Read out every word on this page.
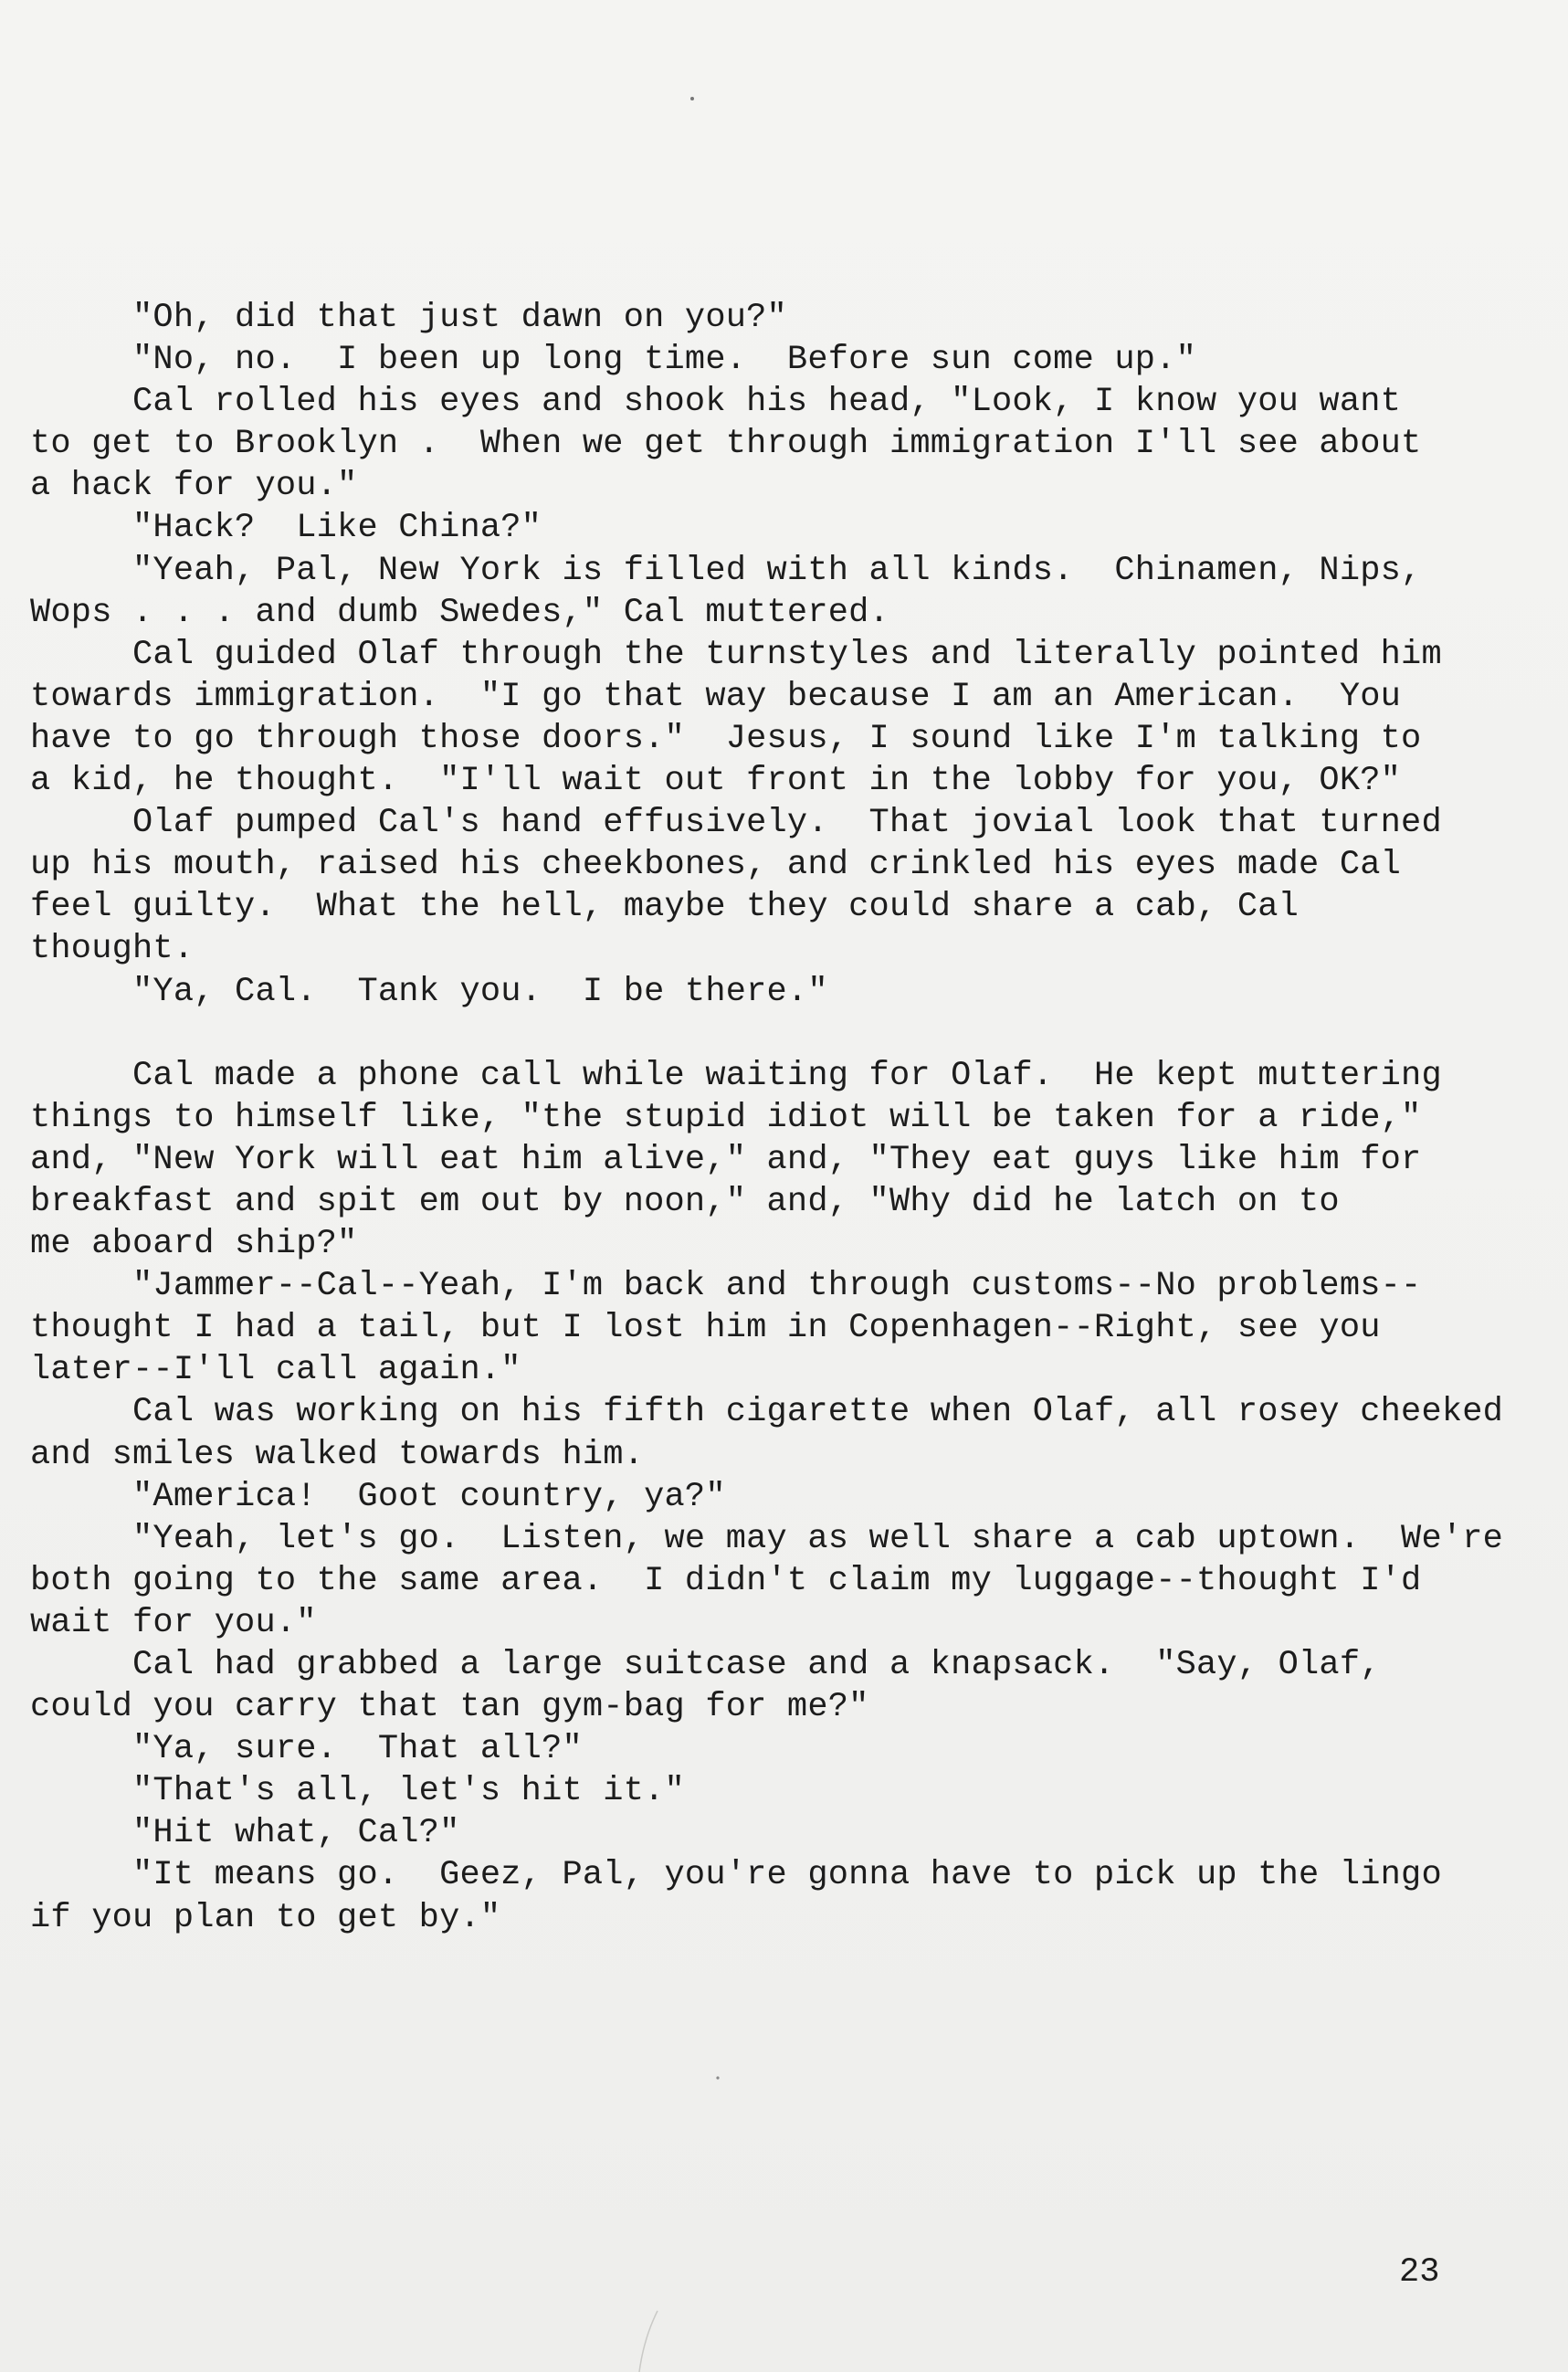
"Oh, did that just dawn on you?"
"No, no.  I been up long time.  Before sun come up."
Cal rolled his eyes and shook his head, "Look, I know you want
to get to Brooklyn .  When we get through immigration I'll see about
a hack for you."
"Hack?  Like China?"
"Yeah, Pal, New York is filled with all kinds.  Chinamen, Nips,
Wops . . . and dumb Swedes," Cal muttered.
Cal guided Olaf through the turnstyles and literally pointed him
towards immigration.  "I go that way because I am an American.  You
have to go through those doors."  Jesus, I sound like I'm talking to
a kid, he thought.  "I'll wait out front in the lobby for you, OK?"
Olaf pumped Cal's hand effusively.  That jovial look that turned
up his mouth, raised his cheekbones, and crinkled his eyes made Cal
feel guilty.  What the hell, maybe they could share a cab, Cal
thought.
"Ya, Cal.  Tank you.  I be there."
Cal made a phone call while waiting for Olaf.  He kept muttering
things to himself like, "the stupid idiot will be taken for a ride,"
and, "New York will eat him alive," and, "They eat guys like him for
breakfast and spit em out by noon," and, "Why did he latch on to
me aboard ship?"
"Jammer--Cal--Yeah, I'm back and through customs--No problems--
thought I had a tail, but I lost him in Copenhagen--Right, see you
later--I'll call again."
Cal was working on his fifth cigarette when Olaf, all rosey cheeked
and smiles walked towards him.
"America!  Goot country, ya?"
"Yeah, let's go.  Listen, we may as well share a cab uptown.  We're
both going to the same area.  I didn't claim my luggage--thought I'd
wait for you."
Cal had grabbed a large suitcase and a knapsack.  "Say, Olaf,
could you carry that tan gym-bag for me?"
"Ya, sure.  That all?"
"That's all, let's hit it."
"Hit what, Cal?"
"It means go.  Geez, Pal, you're gonna have to pick up the lingo
if you plan to get by."
23
